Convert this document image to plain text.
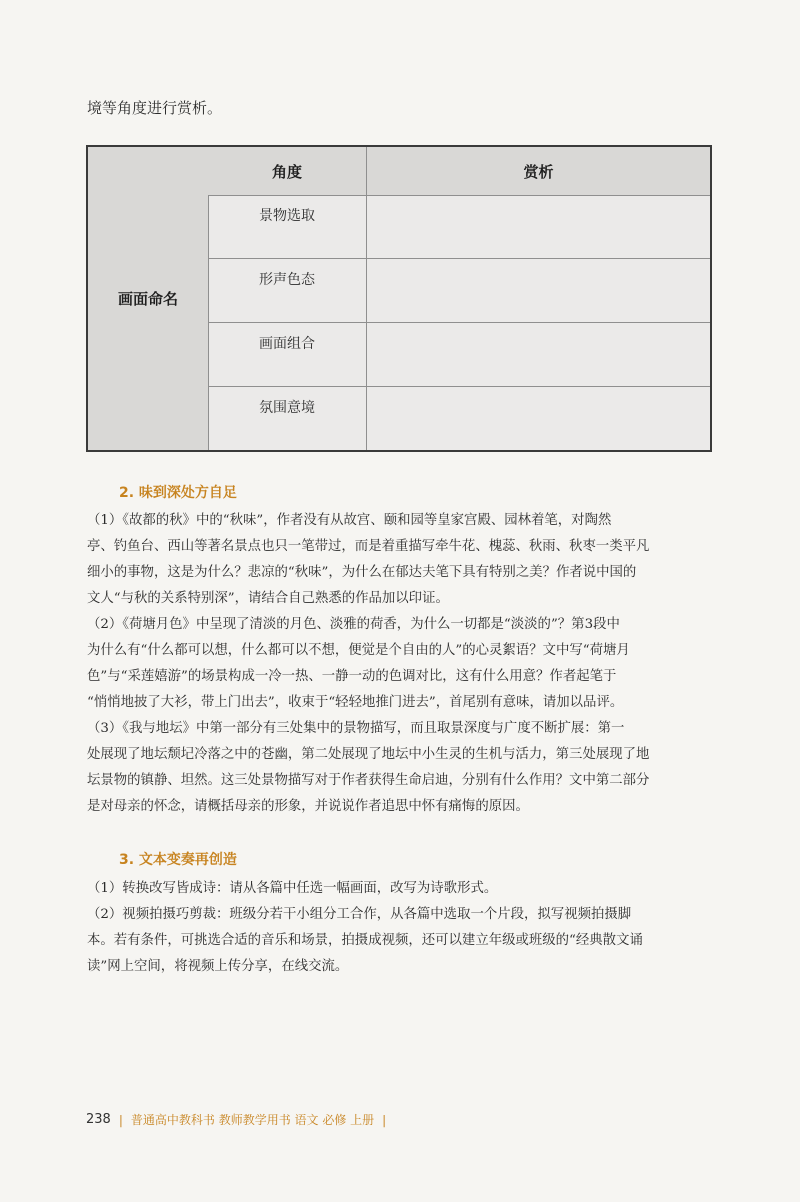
境等角度进行赏析。
画面命名
角度	赏析
景物选取
形声色态
画面组合
氛围意境
2. 味到深处方自足
（1）《故都的秋》中的“秋味”，作者没有从故宫、颐和园等皇家宫殿、园林着笔，对陶然
亭、钓鱼台、西山等著名景点也只一笔带过，而是着重描写牵牛花、槐蕊、秋雨、秋枣一类平凡
细小的事物，这是为什么？悲凉的“秋味”，为什么在郁达夫笔下具有特别之美？作者说中国的
文人“与秋的关系特别深”，请结合自己熟悉的作品加以印证。
（2）《荷塘月色》中呈现了清淡的月色、淡雅的荷香，为什么一切都是“淡淡的”？第3段中
为什么有“什么都可以想，什么都可以不想，便觉是个自由的人”的心灵絮语？文中写“荷塘月
色”与“采莲嬉游”的场景构成一冷一热、一静一动的色调对比，这有什么用意？作者起笔于
“悄悄地披了大衫，带上门出去”，收束于“轻轻地推门进去”，首尾别有意味，请加以品评。
（3）《我与地坛》中第一部分有三处集中的景物描写，而且取景深度与广度不断扩展：第一
处展现了地坛颓圮冷落之中的苍幽，第二处展现了地坛中小生灵的生机与活力，第三处展现了地
坛景物的镇静、坦然。这三处景物描写对于作者获得生命启迪，分别有什么作用？文中第二部分
是对母亲的怀念，请概括母亲的形象，并说说作者追思中怀有痛悔的原因。
3. 文本变奏再创造
（1）转换改写皆成诗：请从各篇中任选一幅画面，改写为诗歌形式。
（2）视频拍摄巧剪裁：班级分若干小组分工合作，从各篇中选取一个片段，拟写视频拍摄脚
本。若有条件，可挑选合适的音乐和场景，拍摄成视频，还可以建立年级或班级的“经典散文诵
读”网上空间，将视频上传分享，在线交流。
238 | 普通高中教科书 教师教学用书 语文 必修 上册 |
